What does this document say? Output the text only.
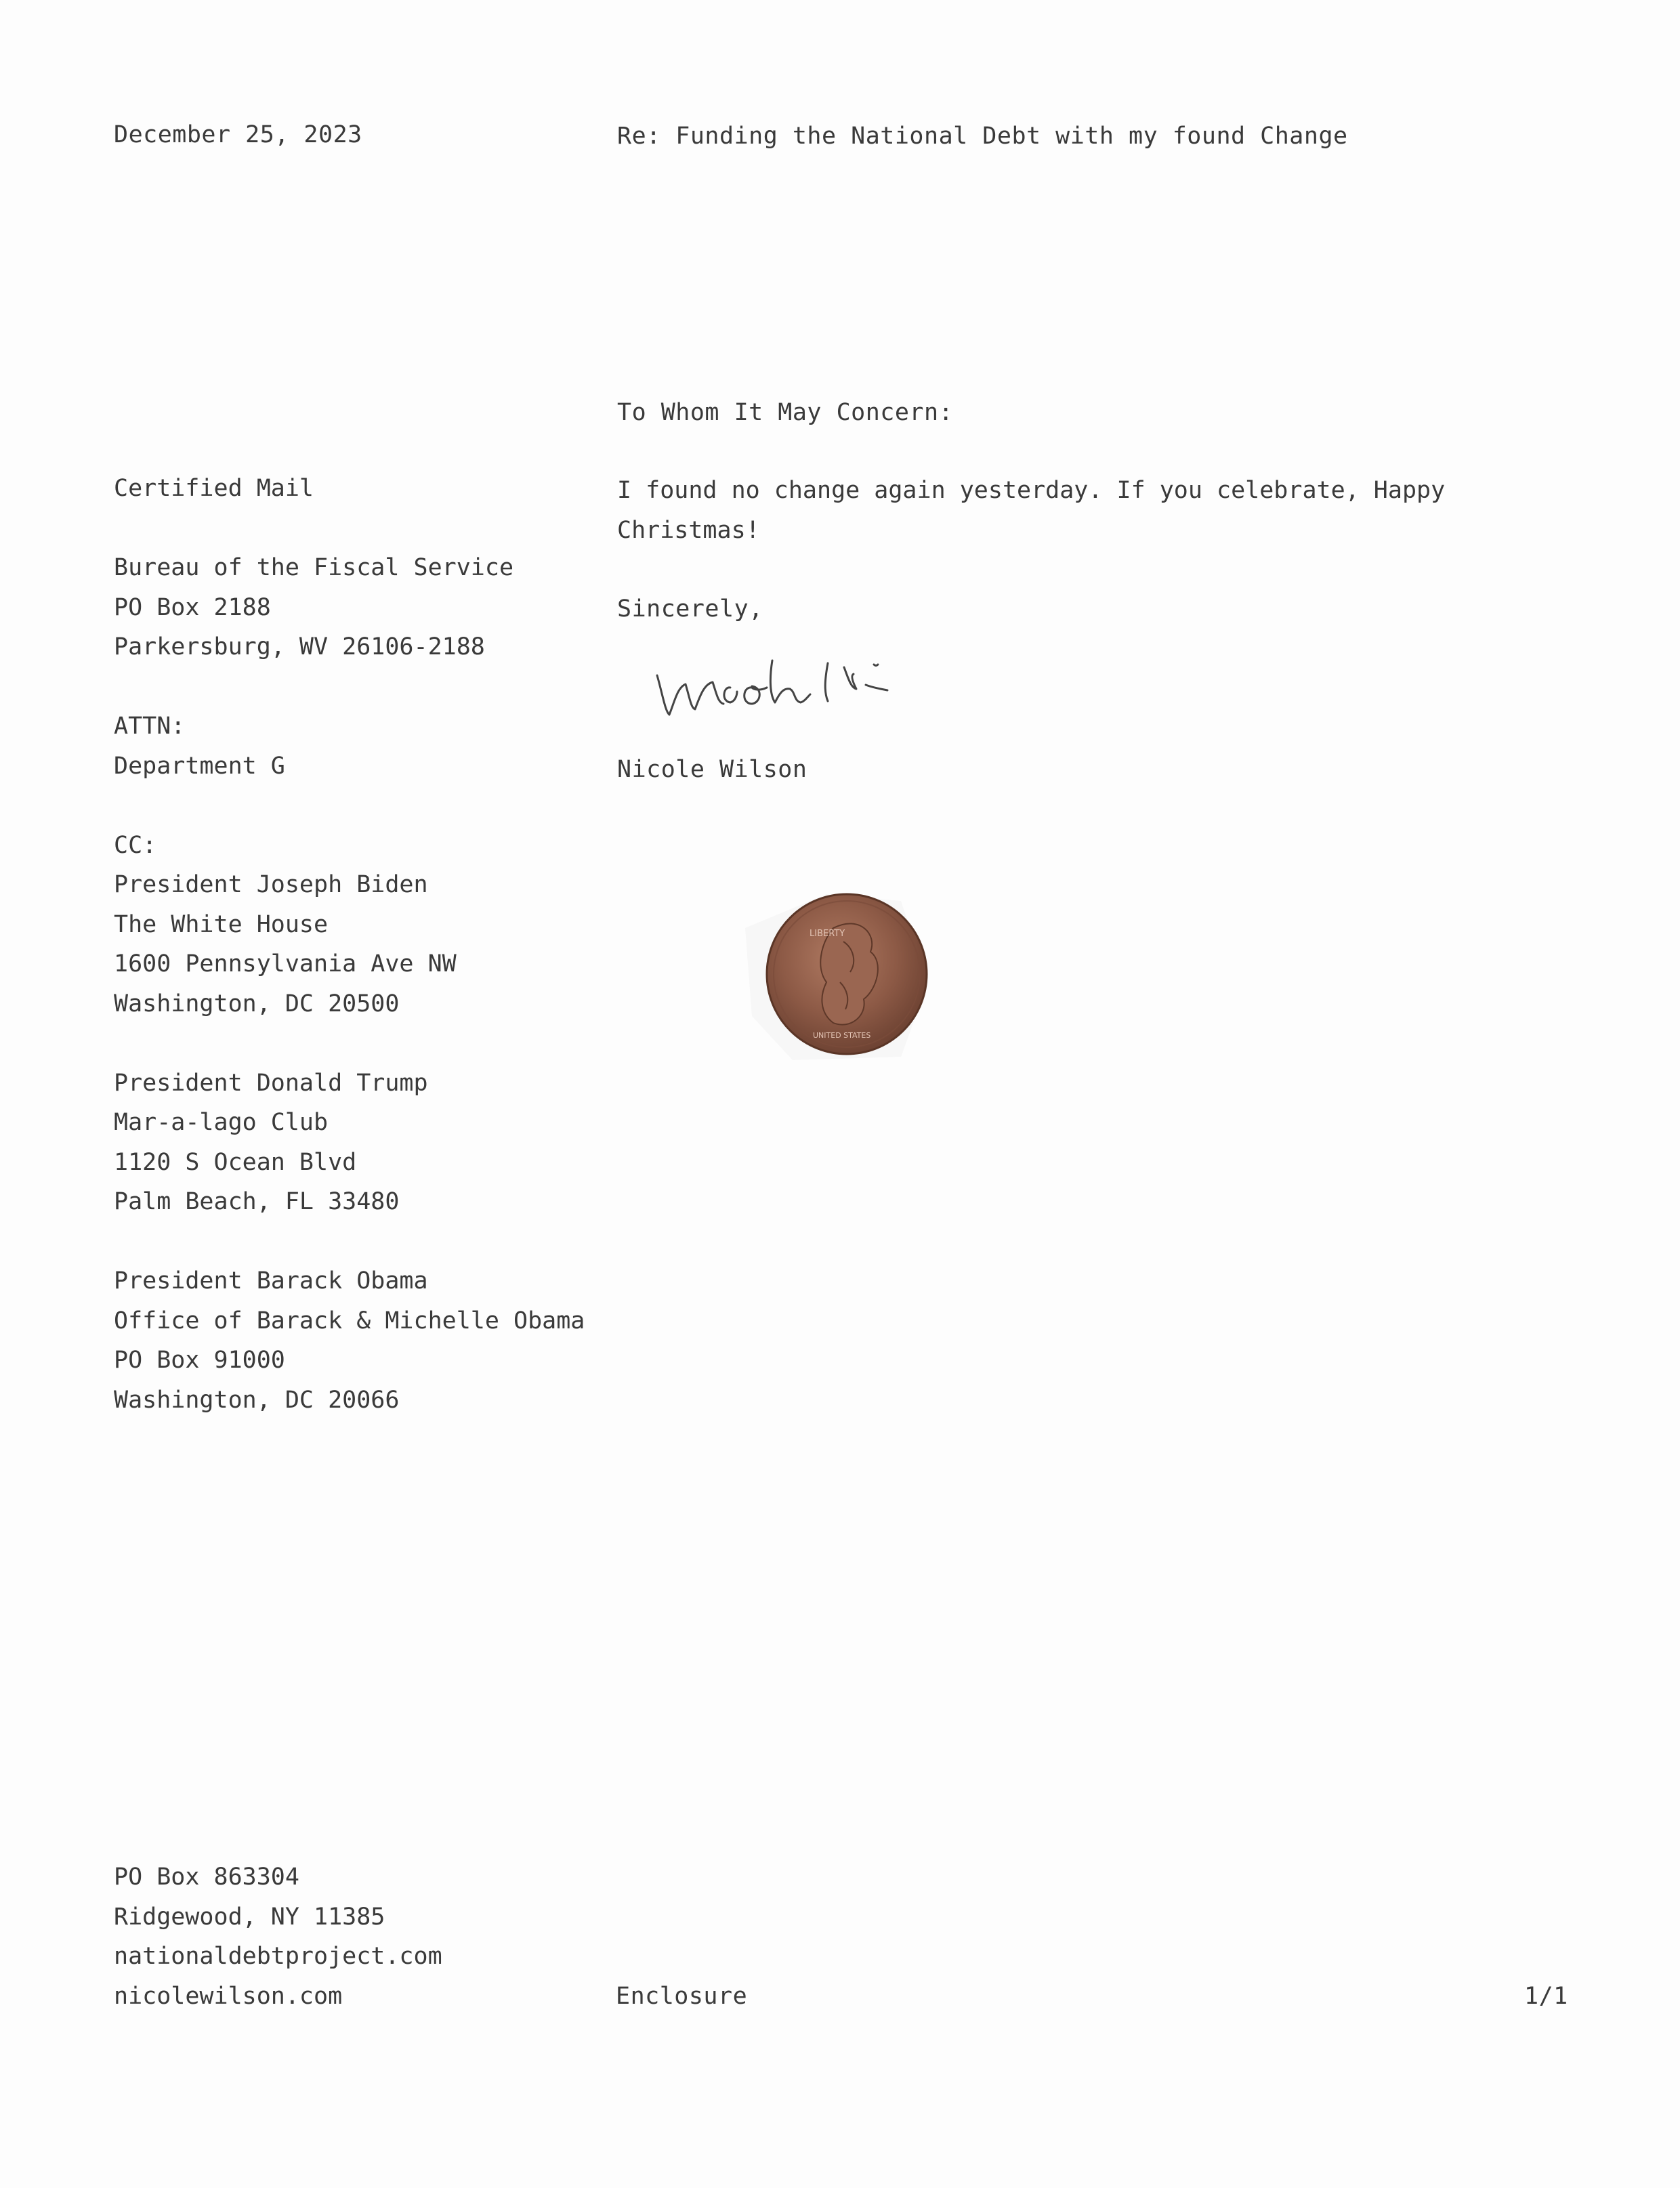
December 25, 2023	Re: Funding the National Debt with my found Change
To Whom It May Concern:
I found no change again yesterday. If you celebrate, Happy Christmas!
Sincerely,
Nicole Wilson
Certified Mail
Bureau of the Fiscal Service
PO Box 2188
Parkersburg, WV 26106-2188
ATTN:
Department G
CC:
President Joseph Biden
The White House
1600 Pennsylvania Ave NW
Washington, DC 20500
President Donald Trump
Mar-a-lago Club
1120 S Ocean Blvd
Palm Beach, FL 33480
President Barack Obama
Office of Barack & Michelle Obama
PO Box 91000
Washington, DC 20066
LIBERTY
UNITED STATES
PO Box 863304
Ridgewood, NY 11385
nationaldebtproject.com
nicolewilson.com	Enclosure	1/1
